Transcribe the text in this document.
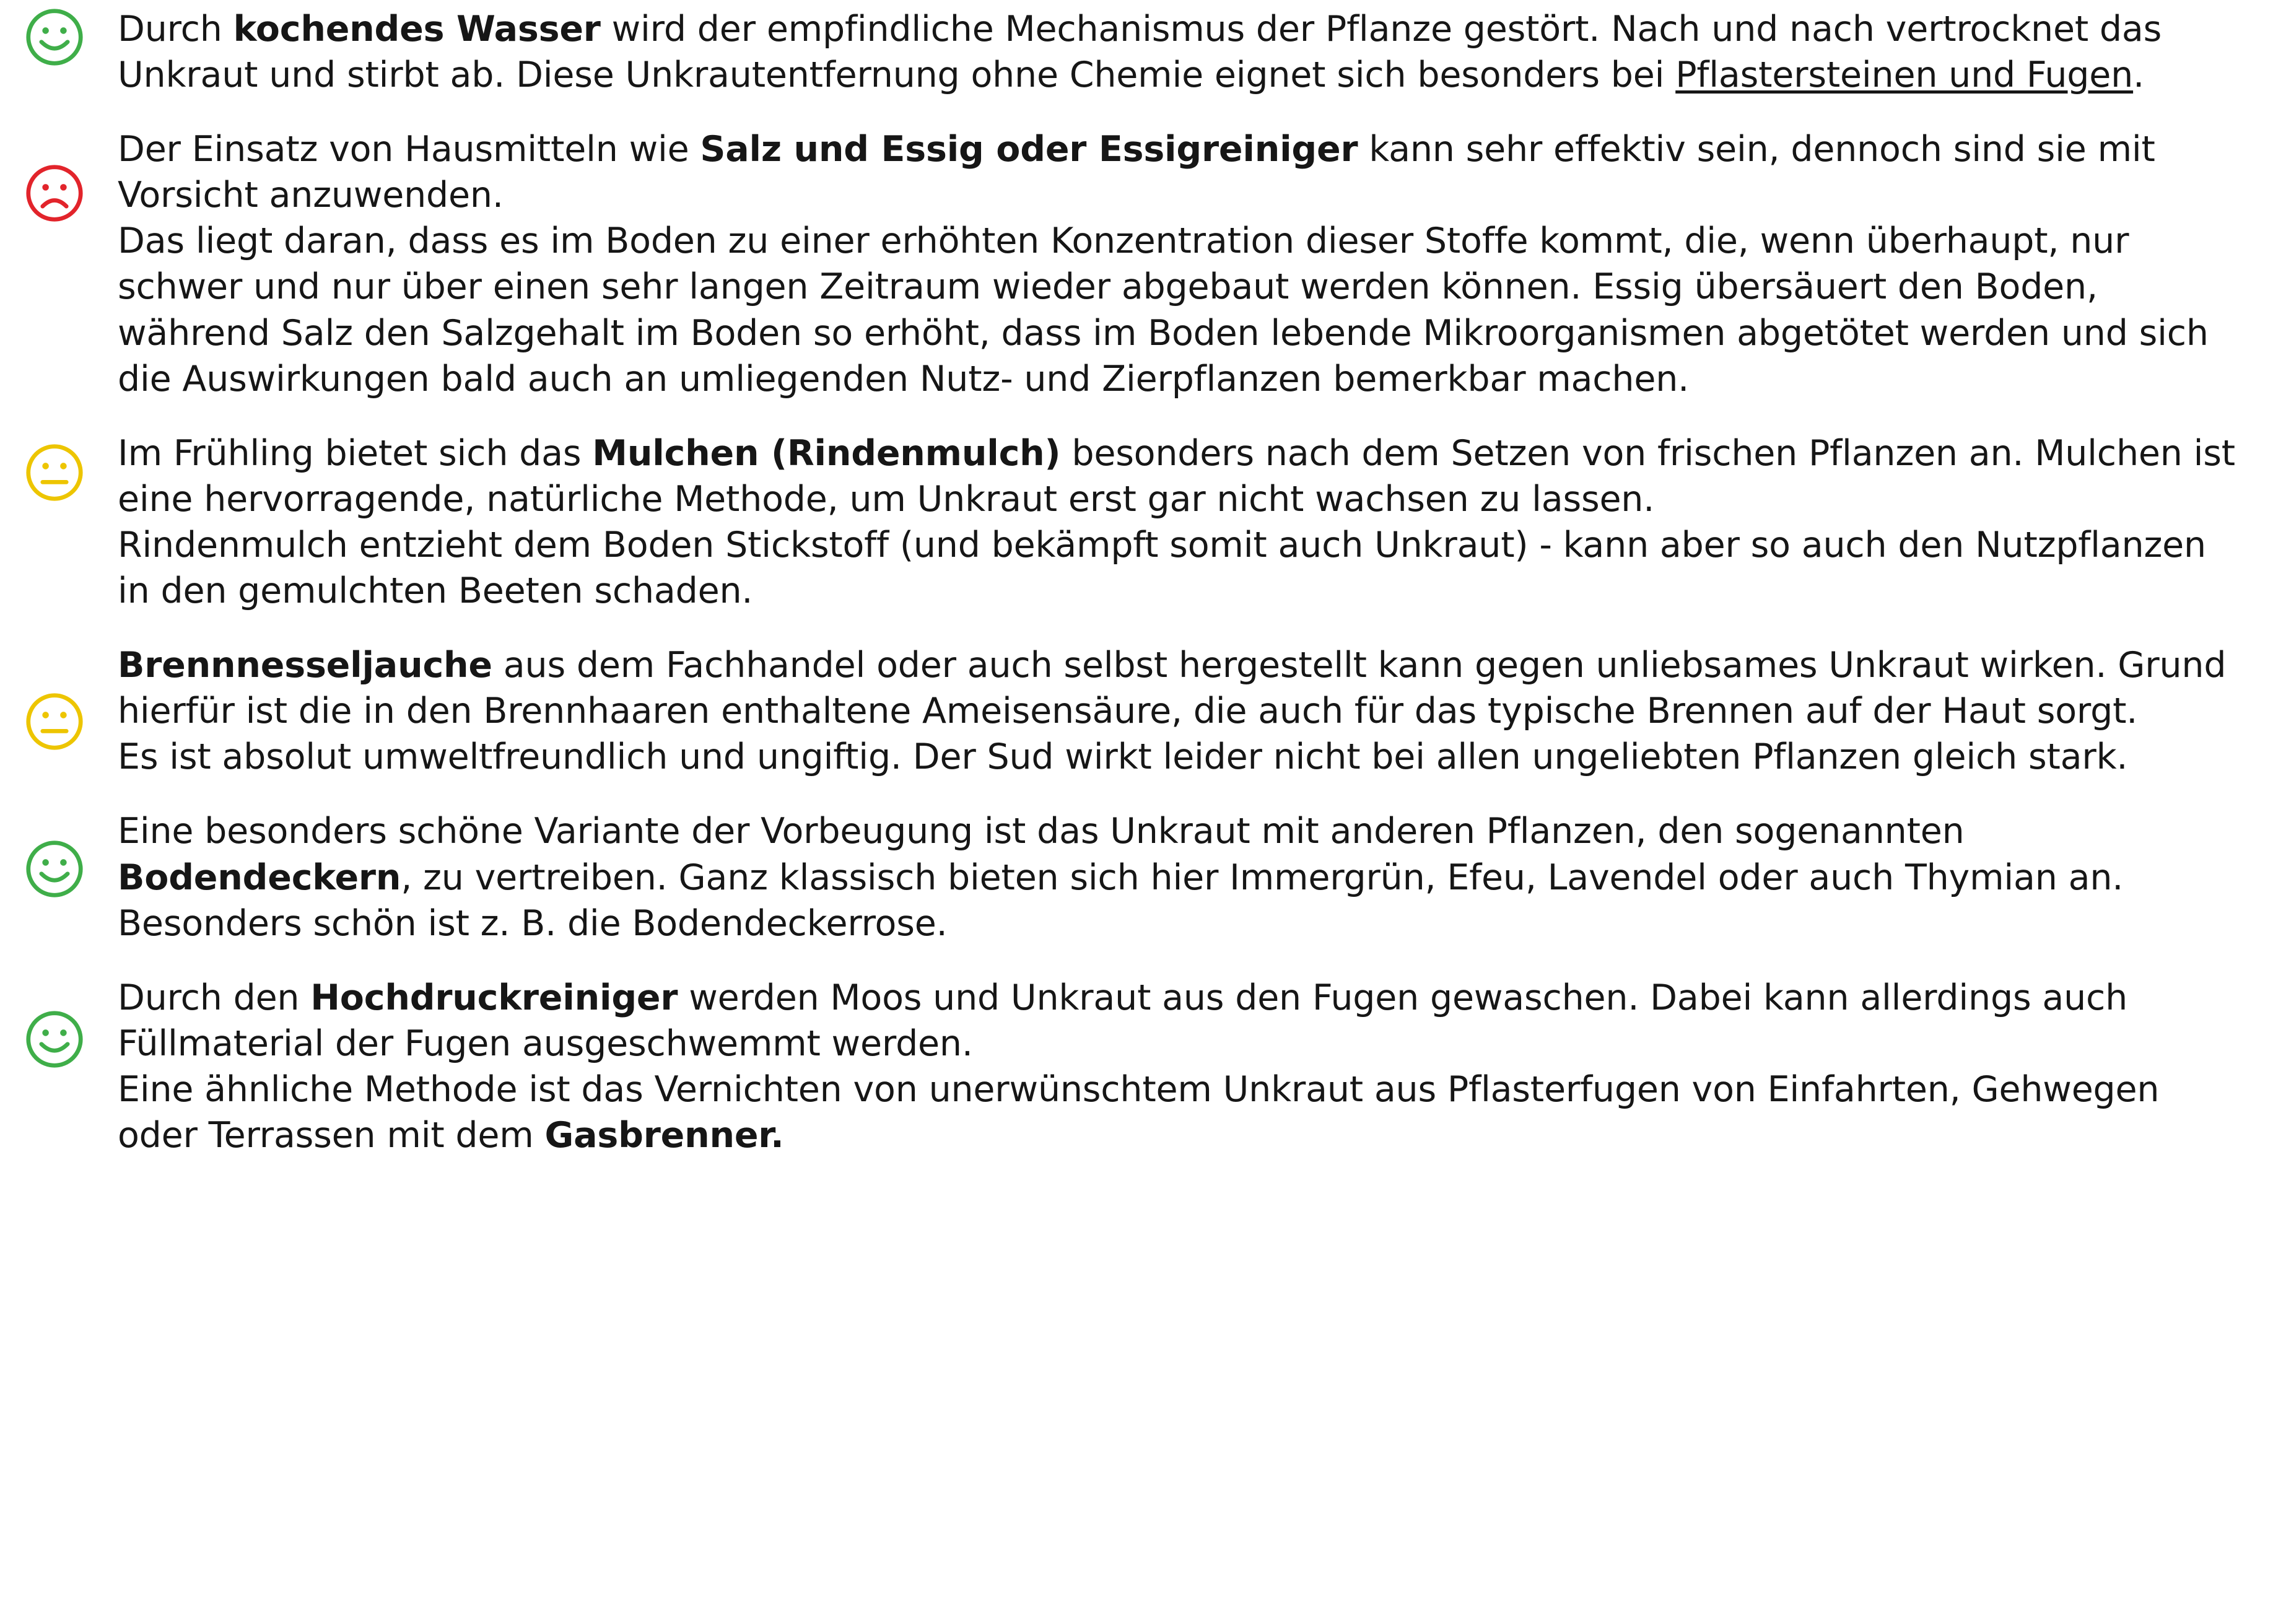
Durch kochendes Wasser wird der empfindliche Mechanismus der Pflanze gestört. Nach und nach vertrocknet das Unkraut und stirbt ab. Diese Unkrautentfernung ohne Chemie eignet sich besonders bei Pflastersteinen und Fugen.

Der Einsatz von Hausmitteln wie Salz und Essig oder Essigreiniger kann sehr effektiv sein, dennoch sind sie mit Vorsicht anzuwenden.

Das liegt daran, dass es im Boden zu einer erhöhten Konzentration dieser Stoffe kommt, die, wenn überhaupt, nur schwer und nur über einen sehr langen Zeitraum wieder abgebaut werden können. Essig übersäuert den Boden, während Salz den Salzgehalt im Boden so erhöht, dass im Boden lebende Mikroorganismen abgetötet werden und sich die Auswirkungen bald auch an umliegenden Nutz- und Zierpflanzen bemerkbar machen.

Im Frühling bietet sich das Mulchen (Rindenmulch) besonders nach dem Setzen von frischen Pflanzen an. Mulchen ist eine hervorragende, natürliche Methode, um Unkraut erst gar nicht wachsen zu lassen.

Rindenmulch entzieht dem Boden Stickstoff (und bekämpft somit auch Unkraut) - kann aber so auch den Nutzpflanzen in den gemulchten Beeten schaden.

Brennnesseljauche aus dem Fachhandel oder auch selbst hergestellt kann gegen unliebsames Unkraut wirken. Grund hierfür ist die in den Brennhaaren enthaltene Ameisensäure, die auch für das typische Brennen auf der Haut sorgt.

Es ist absolut umweltfreundlich und ungiftig. Der Sud wirkt leider nicht bei allen ungeliebten Pflanzen gleich stark.

Eine besonders schöne Variante der Vorbeugung ist das Unkraut mit anderen Pflanzen, den sogenannten Bodendeckern, zu vertreiben. Ganz klassisch bieten sich hier Immergrün, Efeu, Lavendel oder auch Thymian an. Besonders schön ist z. B. die Bodendeckerrose.

Durch den Hochdruckreiniger werden Moos und Unkraut aus den Fugen gewaschen. Dabei kann allerdings auch Füllmaterial der Fugen ausgeschwemmt werden.

Eine ähnliche Methode ist das Vernichten von unerwünschtem Unkraut aus Pflasterfugen von Einfahrten, Gehwegen oder Terrassen mit dem Gasbrenner.
